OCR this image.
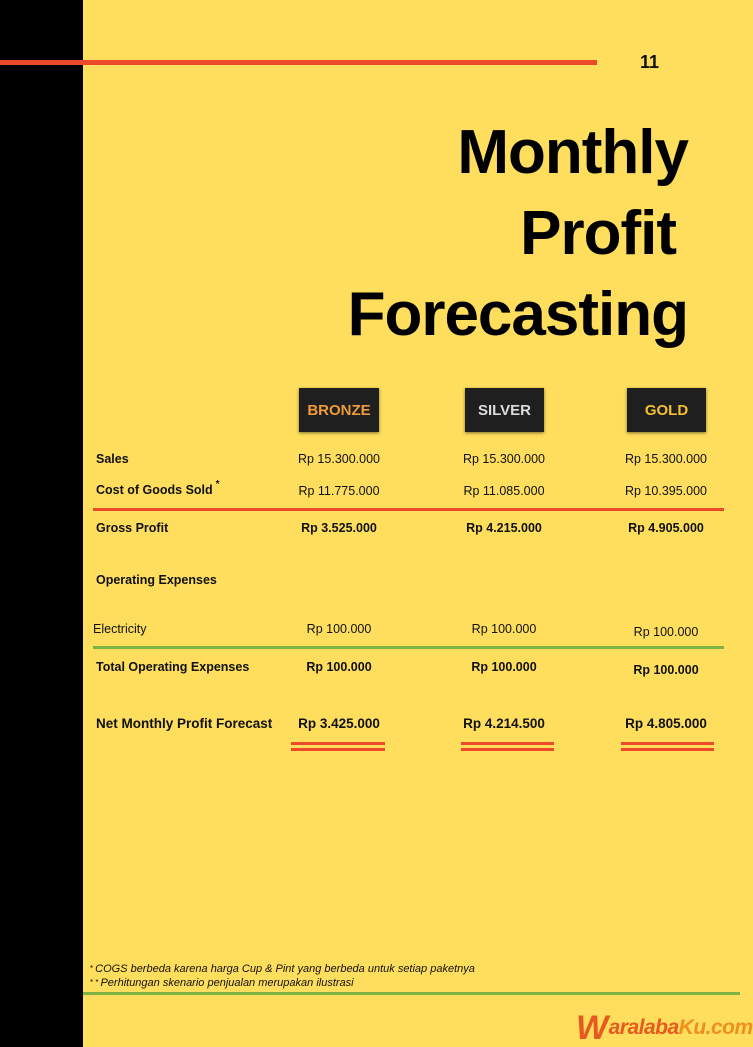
11
Monthly
Profit
Forecasting
BRONZE	SILVER	GOLD
Sales	Rp 15.300.000	Rp 15.300.000	Rp 15.300.000
Cost of Goods Sold *	Rp 11.775.000	Rp 11.085.000	Rp 10.395.000
Gross Profit	Rp 3.525.000	Rp 4.215.000	Rp 4.905.000
Operating Expenses
Electricity	Rp 100.000	Rp 100.000	Rp 100.000
Total Operating Expenses	Rp 100.000	Rp 100.000	Rp 100.000
Net Monthly Profit Forecast	Rp 3.425.000	Rp 4.214.500	Rp 4.805.000
* COGS berbeda karena harga Cup & Pint yang berbeda untuk setiap paketnya
* * Perhitungan skenario penjualan merupakan ilustrasi
WaralabaKu.com
